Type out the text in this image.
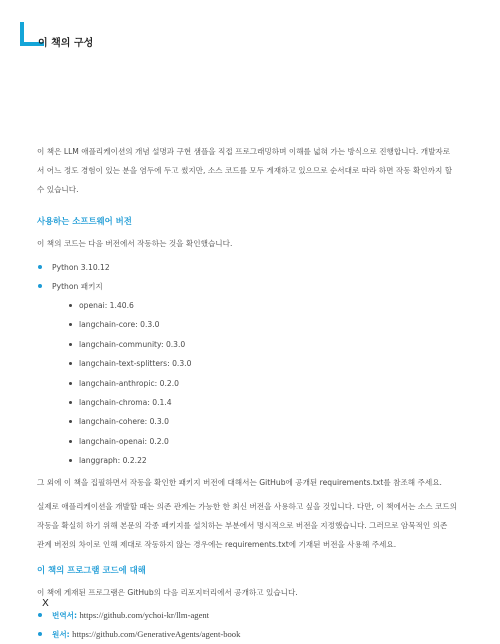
이 책의 구성

이 책은 LLM 애플리케이션의 개념 설명과 구현 샘플을 직접 프로그래밍하며 이해를 넓혀 가는 방식으로 진행합니다. 개발자로서 어느 정도 경험이 있는 분을 염두에 두고 썼지만, 소스 코드를 모두 게재하고 있으므로 순서대로 따라 하면 작동 확인까지 할 수 있습니다.

사용하는 소프트웨어 버전

이 책의 코드는 다음 버전에서 작동하는 것을 확인했습니다.

Python 3.10.12
Python 패키지
openai: 1.40.6
langchain-core: 0.3.0
langchain-community: 0.3.0
langchain-text-splitters: 0.3.0
langchain-anthropic: 0.2.0
langchain-chroma: 0.1.4
langchain-cohere: 0.3.0
langchain-openai: 0.2.0
langgraph: 0.2.22

그 외에 이 책을 집필하면서 작동을 확인한 패키지 버전에 대해서는 GitHub에 공개된 requirements.txt를 참조해 주세요.

실제로 애플리케이션을 개발할 때는 의존 관계는 가능한 한 최신 버전을 사용하고 싶을 것입니다. 다만, 이 책에서는 소스 코드의 작동을 확실히 하기 위해 본문의 각종 패키지를 설치하는 부분에서 명시적으로 버전을 지정했습니다. 그러므로 암묵적인 의존 관계 버전의 차이로 인해 제대로 작동하지 않는 경우에는 requirements.txt에 기재된 버전을 사용해 주세요.

이 책의 프로그램 코드에 대해

이 책에 게재된 프로그램은 GitHub의 다음 리포지터리에서 공개하고 있습니다.

번역서: https://github.com/ychoi-kr/llm-agent
원서: https://github.com/GenerativeAgents/agent-book
X
